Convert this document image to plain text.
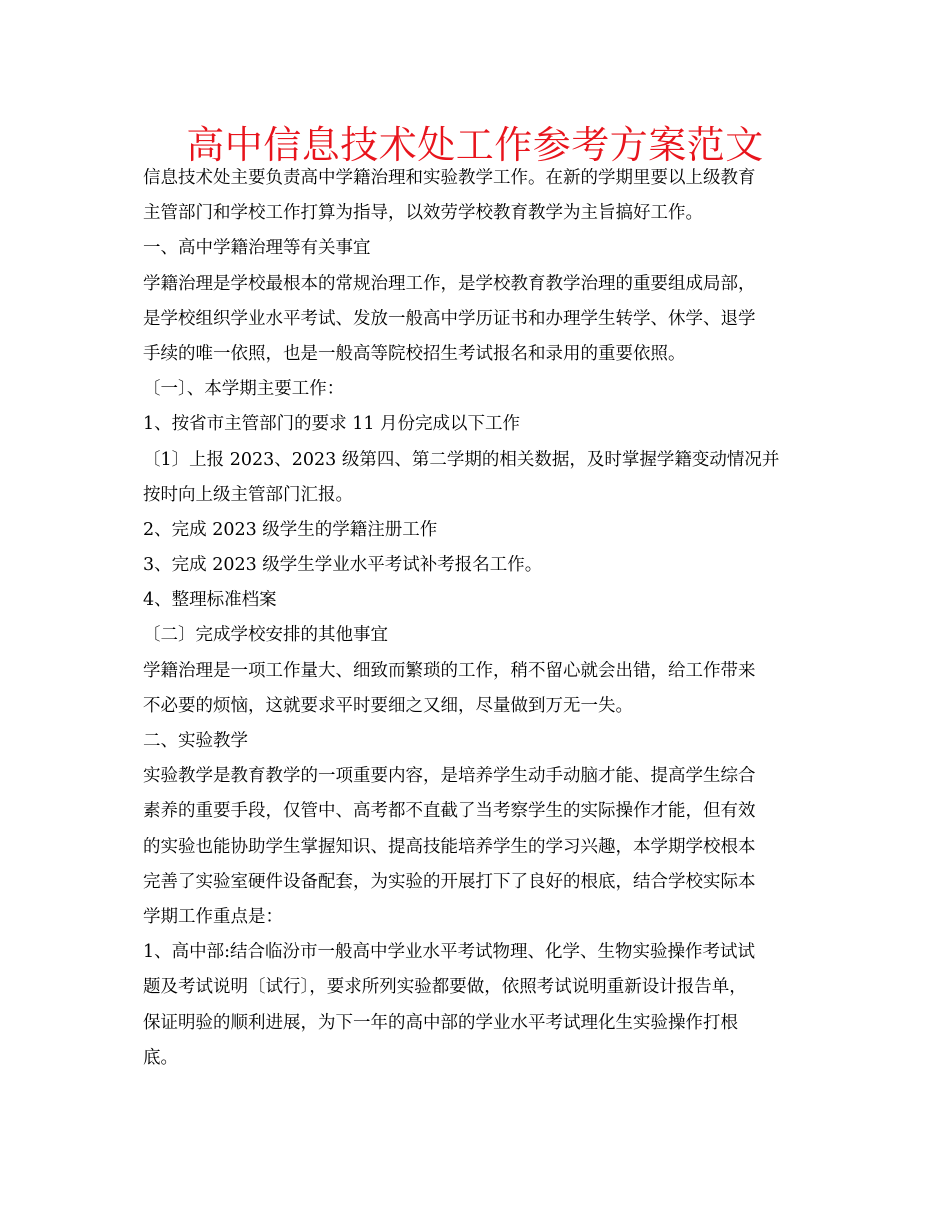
高中信息技术处工作参考方案范文
信息技术处主要负责高中学籍治理和实验教学工作。在新的学期里要以上级教育
主管部门和学校工作打算为指导，以效劳学校教育教学为主旨搞好工作。
一、高中学籍治理等有关事宜
学籍治理是学校最根本的常规治理工作，是学校教育教学治理的重要组成局部，
是学校组织学业水平考试、发放一般高中学历证书和办理学生转学、休学、退学
手续的唯一依照，也是一般高等院校招生考试报名和录用的重要依照。
〔一〕、本学期主要工作：
1、按省市主管部门的要求 11 月份完成以下工作
〔1〕上报 2023、2023 级第四、第二学期的相关数据，及时掌握学籍变动情况并
按时向上级主管部门汇报。
2、完成 2023 级学生的学籍注册工作
3、完成 2023 级学生学业水平考试补考报名工作。
4、整理标准档案
〔二〕完成学校安排的其他事宜
学籍治理是一项工作量大、细致而繁琐的工作，稍不留心就会出错，给工作带来
不必要的烦恼，这就要求平时要细之又细，尽量做到万无一失。
二、实验教学
实验教学是教育教学的一项重要内容，是培养学生动手动脑才能、提高学生综合
素养的重要手段，仅管中、高考都不直截了当考察学生的实际操作才能，但有效
的实验也能协助学生掌握知识、提高技能培养学生的学习兴趣，本学期学校根本
完善了实验室硬件设备配套，为实验的开展打下了良好的根底，结合学校实际本
学期工作重点是：
1、高中部:结合临汾市一般高中学业水平考试物理、化学、生物实验操作考试试
题及考试说明〔试行〕，要求所列实验都要做，依照考试说明重新设计报告单，
保证明验的顺利进展，为下一年的高中部的学业水平考试理化生实验操作打根
底。
